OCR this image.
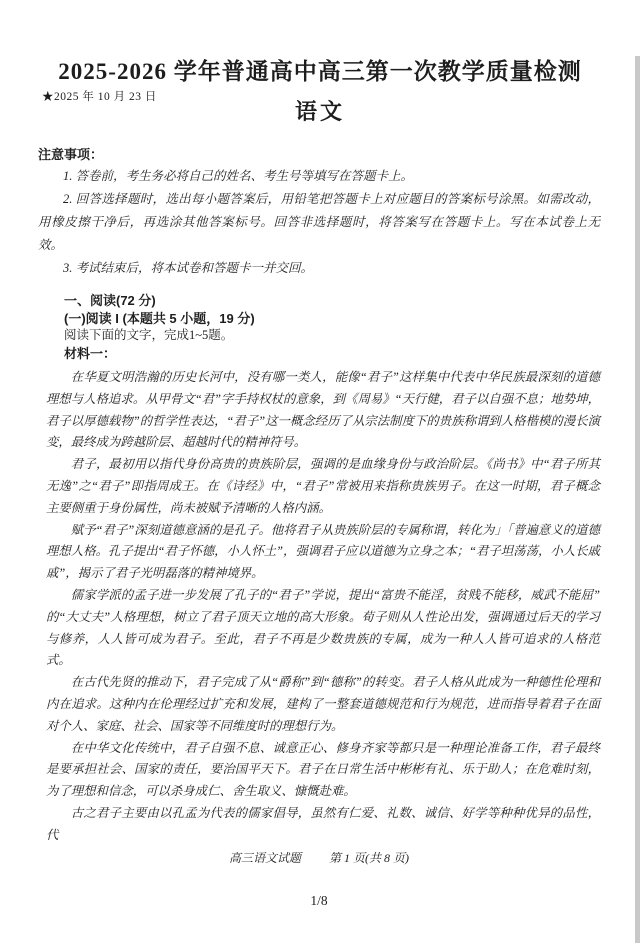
★2025 年 10 月 23 日
2025-2026 学年普通高中高三第一次教学质量检测
语文
注意事项：

1. 答卷前，考生务必将自己的姓名、考生号等填写在答题卡上。

2. 回答选择题时，选出每小题答案后，用铅笔把答题卡上对应题目的答案标号涂黑。如需改动，用橡皮擦干净后，再选涂其他答案标号。回答非选择题时，将答案写在答题卡上。写在本试卷上无效。

3. 考试结束后，将本试卷和答题卡一并交回。

一、阅读(72 分)
(一)阅读 I (本题共 5 小题，19 分)
阅读下面的文字，完成1~5题。
材料一：

在华夏文明浩瀚的历史长河中，没有哪一类人，能像“君子”这样集中代表中华民族最深刻的道德理想与人格追求。从甲骨文“君”字手持权杖的意象，到《周易》“天行健，君子以自强不息；地势坤，君子以厚德载物”的哲学性表达，“君子”这一概念经历了从宗法制度下的贵族称谓到人格楷模的漫长演变，最终成为跨越阶层、超越时代的精神符号。

君子，最初用以指代身份高贵的贵族阶层，强调的是血缘身份与政治阶层。《尚书》中“君子所其无逸”之“君子”即指周成王。在《诗经》中，“君子”常被用来指称贵族男子。在这一时期，君子概念主要侧重于身份属性，尚未被赋予清晰的人格内涵。

赋予“君子”深刻道德意涵的是孔子。他将君子从贵族阶层的专属称谓，转化为」「普遍意义的道德理想人格。孔子提出“君子怀德，小人怀土”，强调君子应以道德为立身之本；“君子坦荡荡，小人长戚戚”，揭示了君子光明磊落的精神境界。

儒家学派的孟子进一步发展了孔子的“君子”学说，提出“富贵不能淫，贫贱不能移，威武不能屈”的“大丈夫”人格理想，树立了君子顶天立地的高大形象。荀子则从人性论出发，强调通过后天的学习与修养，人人皆可成为君子。至此，君子不再是少数贵族的专属，成为一种人人皆可追求的人格范式。

在古代先贤的推动下，君子完成了从“爵称”到“德称”的转变。君子人格从此成为一种德性伦理和内在追求。这种内在伦理经过扩充和发展，建构了一整套道德规范和行为规范，进而指导着君子在面对个人、家庭、社会、国家等不同维度时的理想行为。

在中华文化传统中，君子自强不息、诚意正心、修身齐家等都只是一种理论准备工作，君子最终是要承担社会、国家的责任，要治国平天下。君子在日常生活中彬彬有礼、乐于助人；在危难时刻，为了理想和信念，可以杀身成仁、舍生取义、慷慨赴难。

古之君子主要由以孔孟为代表的儒家倡导，虽然有仁爱、礼数、诚信、好学等种种优异的品性，代

高三语文试题 第 1 页(共 8 页)
1/8
